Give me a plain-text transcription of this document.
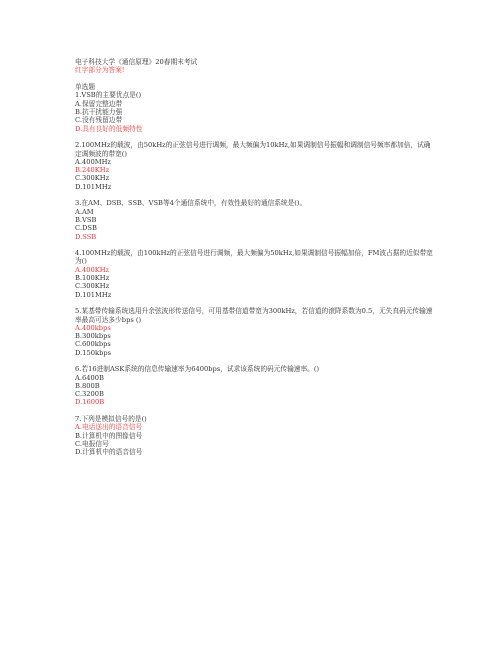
电子科技大学《通信原理》20春期末考试
红字部分为答案!
单选题
1.VSB的主要优点是()
A.保留完整边带
B.抗干扰能力强
C.没有残留边带
D.具有良好的低频特性
2.100MHz的载波，由50kHz的正弦信号进行调频，最大频偏为10kHz,如果调制信号振幅和调制信号频率都加倍，试确定调频波的带宽()
A.400MHz
B.240KHz
C.300KHz
D.101MHz
3.在AM、DSB、SSB、VSB等4个通信系统中，有效性最好的通信系统是()。
A.AM
B.VSB
C.DSB
D.SSB
4.100MHz的载波，由100kHz的正弦信号进行调频，最大频偏为50kHz,如果调制信号振幅加倍，FM波占据的近似带宽为()
A.400KHz
B.100KHz
C.300KHz
D.101MHz
5.某基带传输系统选用升余弦波形传送信号，可用基带信道带宽为300kHz，若信道的滚降系数为0.5，无失真码元传输速率最高可达多少bps ()
A.400kbps
B.300kbps
C.600kbps
D.150kbps
6.若16进制ASK系统的信息传输速率为6400bps，试求该系统的码元传输速率。()
A.6400B
B.800B
C.3200B
D.1600B
7.下列是模拟信号的是()
A.电话送出的语音信号
B.计算机中的图像信号
C.电报信号
D.计算机中的语音信号
